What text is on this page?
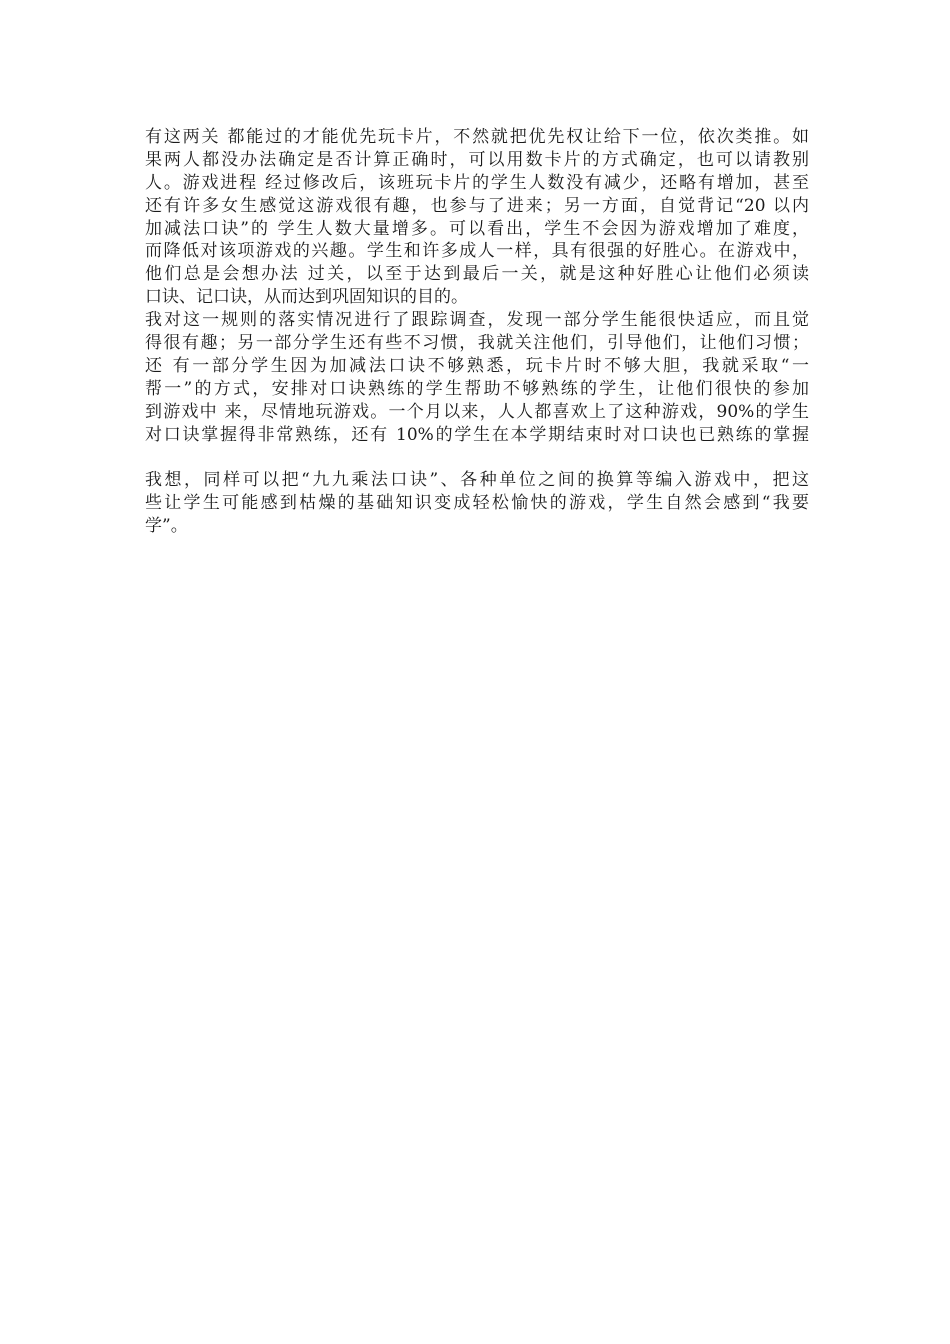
有这两关 都能过的才能优先玩卡片，不然就把优先权让给下一位，依次类推。如
果两人都没办法确定是否计算正确时，可以用数卡片的方式确定，也可以请教别
人。游戏进程 经过修改后，该班玩卡片的学生人数没有减少，还略有增加，甚至
还有许多女生感觉这游戏很有趣，也参与了进来；另一方面，自觉背记“20 以内
加减法口诀”的 学生人数大量增多。可以看出，学生不会因为游戏增加了难度，
而降低对该项游戏的兴趣。学生和许多成人一样，具有很强的好胜心。在游戏中，
他们总是会想办法 过关，以至于达到最后一关，就是这种好胜心让他们必须读
口诀、记口诀，从而达到巩固知识的目的。
我对这一规则的落实情况进行了跟踪调查，发现一部分学生能很快适应，而且觉
得很有趣；另一部分学生还有些不习惯，我就关注他们，引导他们，让他们习惯；
还 有一部分学生因为加减法口诀不够熟悉，玩卡片时不够大胆，我就采取“一
帮一”的方式，安排对口诀熟练的学生帮助不够熟练的学生，让他们很快的参加
到游戏中 来，尽情地玩游戏。一个月以来，人人都喜欢上了这种游戏，90%的学生
对口诀掌握得非常熟练，还有 10%的学生在本学期结束时对口诀也已熟练的掌握
我想，同样可以把“九九乘法口诀”、各种单位之间的换算等编入游戏中，把这
些让学生可能感到枯燥的基础知识变成轻松愉快的游戏，学生自然会感到“我要
学”。
